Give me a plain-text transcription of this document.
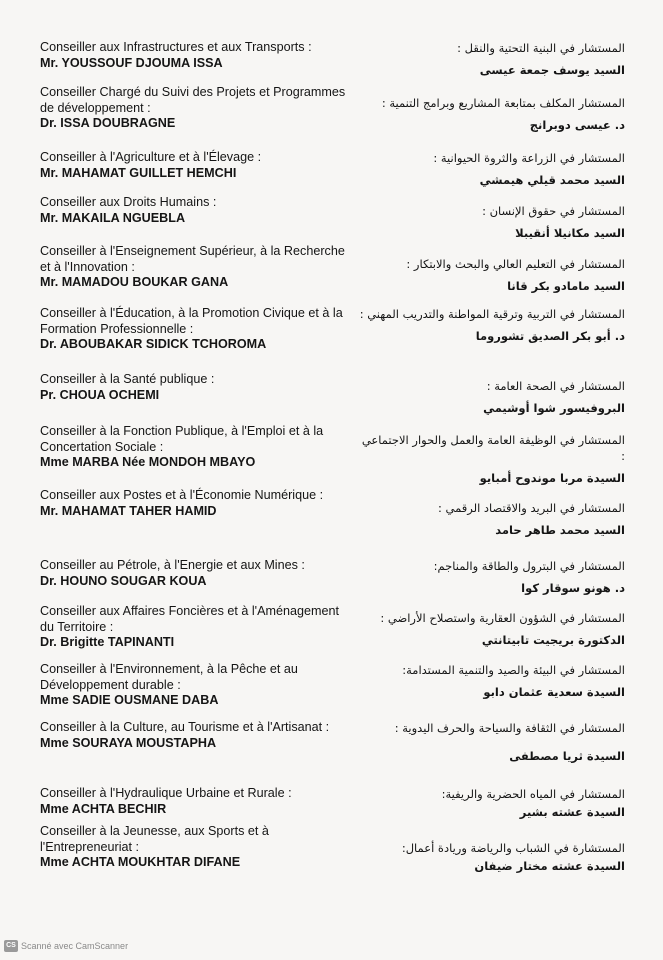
Conseiller aux Infrastructures et aux Transports :
Mr. YOUSSOUF DJOUMA ISSA
المستشار في البنية التحتية والنقل :
السيد يوسف جمعة عيسى
Conseiller Chargé du Suivi des Projets et Programmes de développement :
Dr. ISSA DOUBRAGNE
المستشار المكلف بمتابعة المشاريع وبرامج التنمية :
د. عيسى دوبرانج
Conseiller à l'Agriculture et à l'Élevage :
Mr. MAHAMAT GUILLET HEMCHI
المستشار في الزراعة والثروة الحيوانية :
السيد محمد قيلي هيمشي
Conseiller aux Droits Humains :
Mr. MAKAILA NGUEBLA	المستشار في حقوق الإنسان :
السيد مكانيلا أنقيبلا
Conseiller à l'Enseignement Supérieur, à la Recherche et à l'Innovation :
Mr. MAMADOU BOUKAR GANA
المستشار في التعليم العالي والبحث والابتكار :
السيد مامادو بكر قانا
Conseiller à l'Éducation, à la Promotion Civique et à la Formation Professionnelle :
Dr. ABOUBAKAR SIDICK TCHOROMA
المستشار في التربية وترقية المواطنة والتدريب المهني :
د. أبو بكر الصديق تشوروما
Conseiller à la Santé publique :
Pr. CHOUA OCHEMI
المستشار في الصحة العامة :
البروفيسور شوا أوشيمي
Conseiller à la Fonction Publique, à l'Emploi et à la Concertation Sociale :
Mme MARBA Née MONDOH MBAYO
المستشار في الوظيفة العامة والعمل والحوار الاجتماعي :
السيدة مربا موندوح أمبايو
Conseiller aux Postes et à l'Économie Numérique :
Mr. MAHAMAT TAHER HAMID	المستشار في البريد والاقتصاد الرقمي :
السيد محمد طاهر حامد
Conseiller au Pétrole, à l'Energie et aux Mines :
Dr. HOUNO SOUGAR KOUA
المستشار في البترول والطاقة والمناجم:
د. هونو سوقار كوا
Conseiller aux Affaires Foncières et à l'Aménagement du Territoire :
Dr. Brigitte TAPINANTI
المستشار في الشؤون العقارية واستصلاح الأراضي :
الدكتورة بريجيت تابيتانتي
Conseiller à l'Environnement, à la Pêche et au Développement durable :
Mme SADIE OUSMANE DABA
المستشار في البيئة والصيد والتنمية المستدامة:
السيدة سعدية عثمان دابو
Conseiller à la Culture, au Tourisme et à l'Artisanat :
Mme SOURAYA MOUSTAPHA
المستشار في الثقافة والسياحة والحرف اليدوية :
السيدة ثريا مصطفى
Conseiller à l'Hydraulique Urbaine et Rurale :
Mme ACHTA BECHIR
المستشار في المياه الحضرية والريفية:
السيدة عشته بشير
Conseiller à la Jeunesse, aux Sports et à l'Entrepreneuriat :
Mme ACHTA MOUKHTAR DIFANE
المستشارة في الشباب والرياضة وريادة أعمال:
السيدة عشته مختار ضيفان
CS Scanné avec CamScanner
